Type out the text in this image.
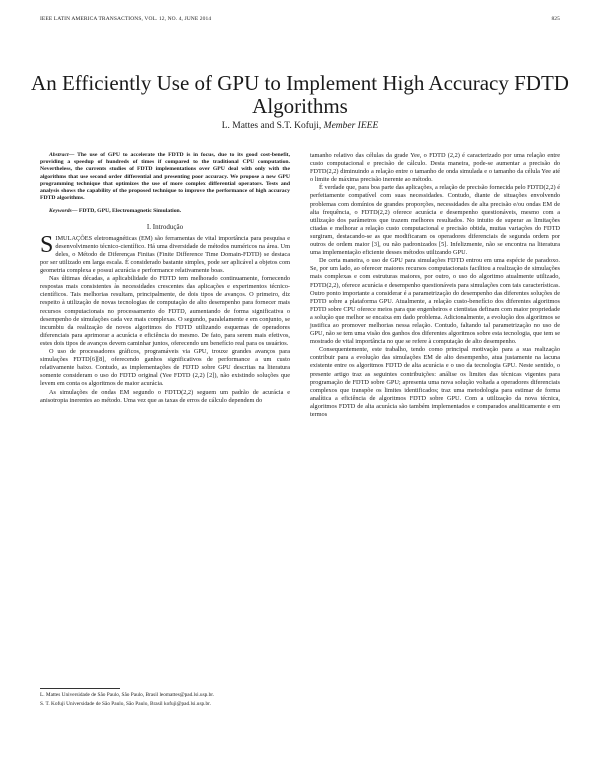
IEEE LATIN AMERICA TRANSACTIONS, VOL. 12, NO. 4, JUNE 2014	825
An Efficiently Use of GPU to Implement High Accuracy FDTD Algorithms
L. Mattes and S.T. Kofuji, Member IEEE
Abstract— The use of GPU to accelerate the FDTD is in focus, due to its good cost-benefit, providing a speedup of hundreds of times if compared to the traditional CPU computation. Nevertheless, the currents studies of FDTD implementations over GPU deal with only with the algorithms that use second order differential and presenting poor accuracy. We propose a new GPU programming technique that optimizes the use of more complex differential operators. Tests and analysis shows the capability of the proposed technique to improve the performance of high accuracy FDTD algorithms.
Keywords— FDTD, GPU, Electromagnetic Simulation.
I. Introdução

SIMULAÇÕES eletromagnéticas (EM) são ferramentas de vital importância para pesquisa e desenvolvimento técnico-científico. Há uma diversidade de métodos numéricos na área. Um deles, o Método de Diferenças Finitas (Finite Difference Time Domain-FDTD) se destaca por ser utilizado em larga escala. É considerado bastante simples, pode ser aplicável a objetos com geometria complexa e possui acurácia e performance relativamente boas.

Nas últimas décadas, a aplicabilidade do FDTD tem melhorado continuamente, fornecendo respostas mais consistentes às necessidades crescentes das aplicações e experimentos técnico-científicos. Tais melhorias resultam, principalmente, de dois tipos de avanços. O primeiro, diz respeito à utilização de novas tecnologias de computação de alto desempenho para fornecer mais recursos computacionais no processamento do FDTD, aumentando de forma significativa o desempenho de simulações cada vez mais complexas. O segundo, paralelamente e em conjunto, se incumbiu da realização de novos algoritmos do FDTD utilizando esquemas de operadores diferenciais para aprimorar a acurácia e eficiência do mesmo. De fato, para serem mais efetivos, estes dois tipos de avanços devem caminhar juntos, oferecendo um benefício real para os usuários.

O uso de processadores gráficos, programáveis via GPU, trouxe grandes avanços para simulações FDTD[6][8], oferecendo ganhos significativos de performance a um custo relativamente baixo. Contudo, as implementações de FDTD sobre GPU descritas na literatura somente consideram o uso do FDTD original (Yee FDTD (2,2) [2]), não existindo soluções que levem em conta os algoritmos de maior acurácia.

As simulações de ondas EM segundo o FDTD(2,2) seguem um padrão de acurácia e anisotropia inerentes ao método. Uma vez que as taxas de erros de cálculo dependem do

L. Mattes Universidade de São Paulo, São Paulo, Brasil leomattes@pad.lsi.usp.br.
S. T. Kofuji Universidade de São Paulo, São Paulo, Brasil kofuji@pad.lsi.usp.br.

tamanho relativo das células da grade Yee, o FDTD (2,2) é caracterizado por uma relação entre custo computacional e precisão de cálculo. Desta maneira, pode-se aumentar a precisão do FDTD(2,2) diminuindo a relação entre o tamanho de onda simulada e o tamanho da célula Yee até o limite de máxima precisão inerente ao método.

É verdade que, para boa parte das aplicações, a relação de precisão fornecida pelo FDTD(2,2) é perfeitamente compatível com suas necessidades. Contudo, diante de situações envolvendo problemas com domínios de grandes proporções, necessidades de alta precisão e/ou ondas EM de alta frequência, o FDTD(2,2) oferece acurácia e desempenho questionáveis, mesmo com a utilização dos parâmetros que trazem melhores resultados. No intuito de superar as limitações citadas e melhorar a relação custo computacional e precisão obtida, muitas variações do FDTD surgiram, destacando-se as que modificaram os operadores diferenciais de segunda ordem por outros de ordem maior [3], ou não padronizados [5]. Infelizmente, não se encontra na literatura uma implementação eficiente desses métodos utilizando GPU.

De certa maneira, o uso de GPU para simulações FDTD entrou em uma espécie de paradoxo. Se, por um lado, ao oferecer maiores recursos computacionais facilitou a realização de simulações mais complexas e com estruturas maiores, por outro, o uso do algoritmo atualmente utilizado, FDTD(2,2), oferece acurácia e desempenho questionáveis para simulações com tais características. Outro ponto importante a considerar é a parametrização do desempenho das diferentes soluções de FDTD sobre a plataforma GPU. Atualmente, a relação custo-benefício dos diferentes algoritmos FDTD sobre CPU oferece meios para que engenheiros e cientistas definam com maior propriedade a solução que melhor se encaixa em dado problema. Adicionalmente, a evolução dos algoritmos se justifica ao promover melhorias nessa relação. Contudo, faltando tal parametrização no uso de GPU, não se tem uma visão dos ganhos dos diferentes algoritmos sobre esta tecnologia, que tem se mostrado de vital importância no que se refere à computação de alto desempenho.

Consequentemente, este trabalho, tendo como principal motivação para a sua realização contribuir para a evolução das simulações EM de alto desempenho, atua justamente na lacuna existente entre os algoritmos FDTD de alta acurácia e o uso da tecnologia GPU. Neste sentido, o presente artigo traz as seguintes contribuições: análise os limites das técnicas vigentes para programação de FDTD sobre GPU; apresenta uma nova solução voltada a operadores diferenciais complexos que transpõe os limites identificados; traz uma metodologia para estimar de forma analítica a eficiência de algoritmos FDTD sobre GPU. Com a utilização da nova técnica, algoritmos FDTD de alta acurácia são também implementados e comparados analiticamente e em termos
